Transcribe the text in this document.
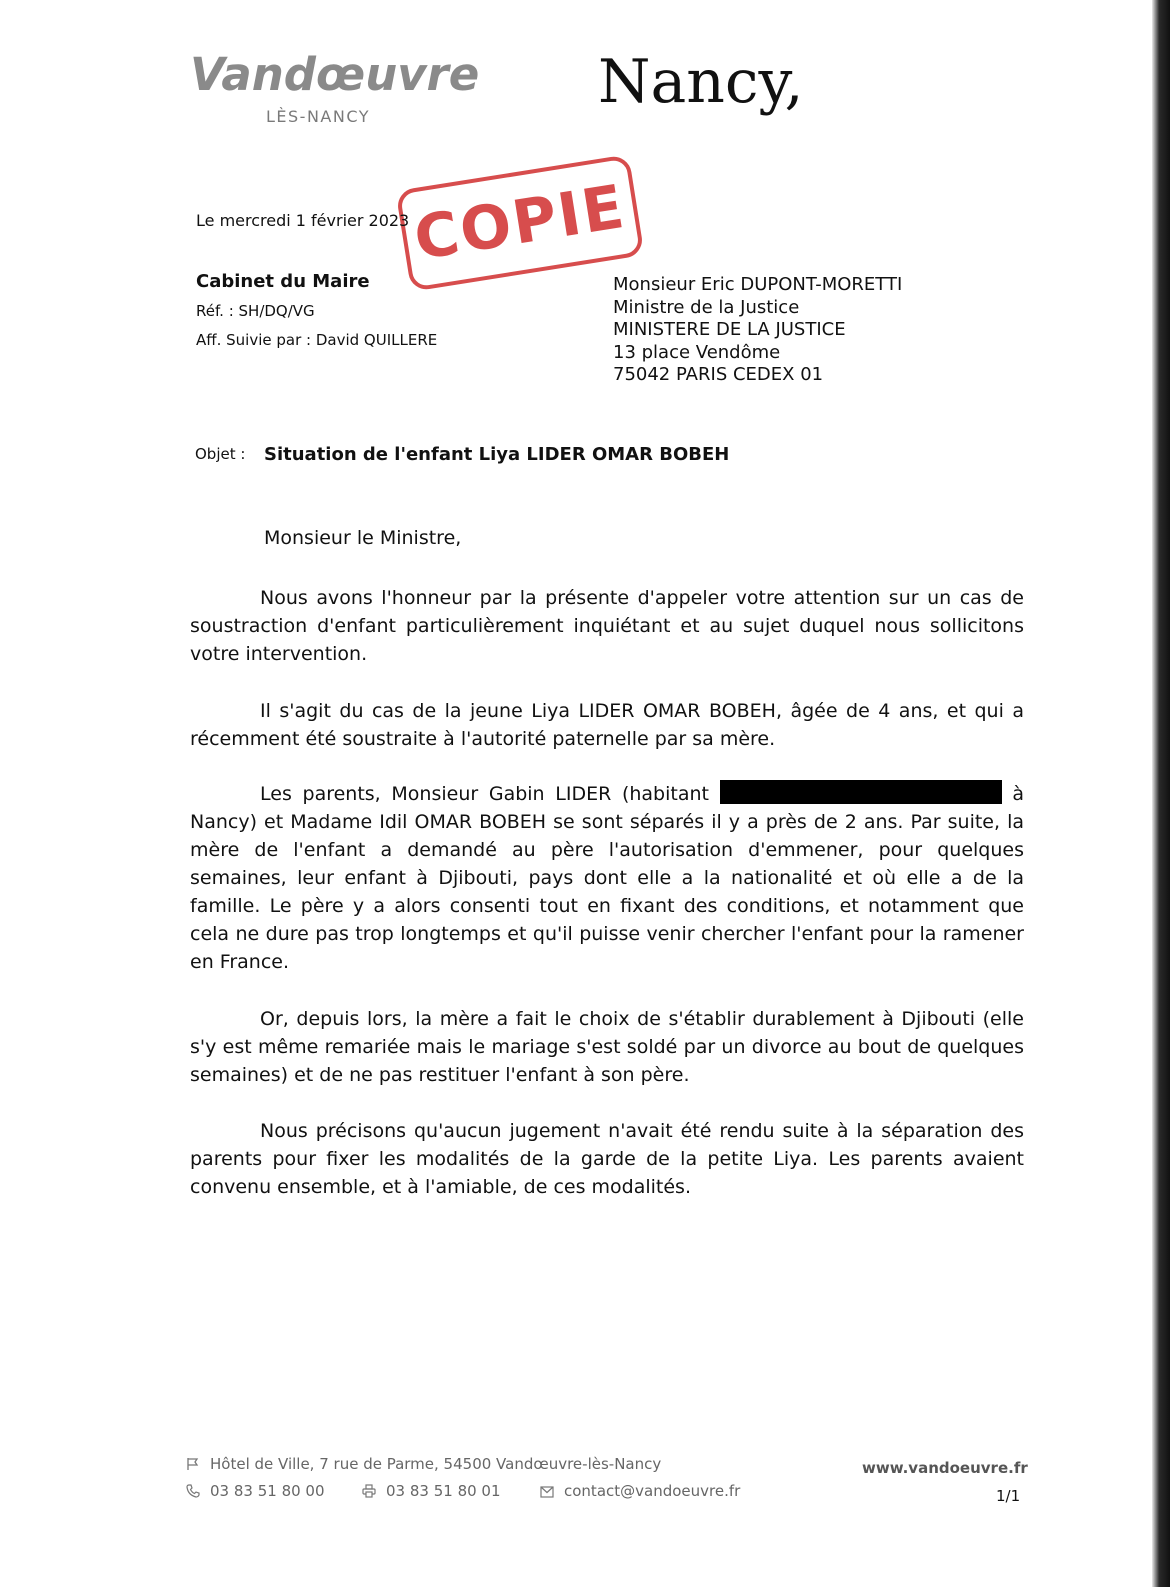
Vandœuvre
LÈS-NANCY	Nancy,
COPIE
Le mercredi 1 février 2023
Cabinet du Maire
Réf. : SH/DQ/VG
Aff. Suivie par : David QUILLERE
Monsieur Eric DUPONT-MORETTI
Ministre de la Justice
MINISTERE DE LA JUSTICE
13 place Vendôme
75042 PARIS CEDEX 01
Objet : Situation de l'enfant Liya LIDER OMAR BOBEH
Monsieur le Ministre,

Nous avons l'honneur par la présente d'appeler votre attention sur un cas de soustraction d'enfant particulièrement inquiétant et au sujet duquel nous sollicitons votre intervention.

Il s'agit du cas de la jeune Liya LIDER OMAR BOBEH, âgée de 4 ans, et qui a récemment été soustraite à l'autorité paternelle par sa mère.

Les parents, Monsieur Gabin LIDER (habitant	à Nancy) et Madame Idil OMAR BOBEH se sont séparés il y a près de 2 ans. Par suite, la mère de l'enfant a demandé au père l'autorisation d'emmener, pour quelques semaines, leur enfant à Djibouti, pays dont elle a la nationalité et où elle a de la famille. Le père y a alors consenti tout en fixant des conditions, et notamment que cela ne dure pas trop longtemps et qu'il puisse venir chercher l'enfant pour la ramener en France.

Or, depuis lors, la mère a fait le choix de s'établir durablement à Djibouti (elle s'y est même remariée mais le mariage s'est soldé par un divorce au bout de quelques semaines) et de ne pas restituer l'enfant à son père.

Nous précisons qu'aucun jugement n'avait été rendu suite à la séparation des parents pour fixer les modalités de la garde de la petite Liya. Les parents avaient convenu ensemble, et à l'amiable, de ces modalités.

Hôtel de Ville, 7 rue de Parme, 54500 Vandœuvre-lès-Nancy
03 83 51 80 00	03 83 51 80 01	contact@vandoeuvre.fr
www.vandoeuvre.fr
1/1
